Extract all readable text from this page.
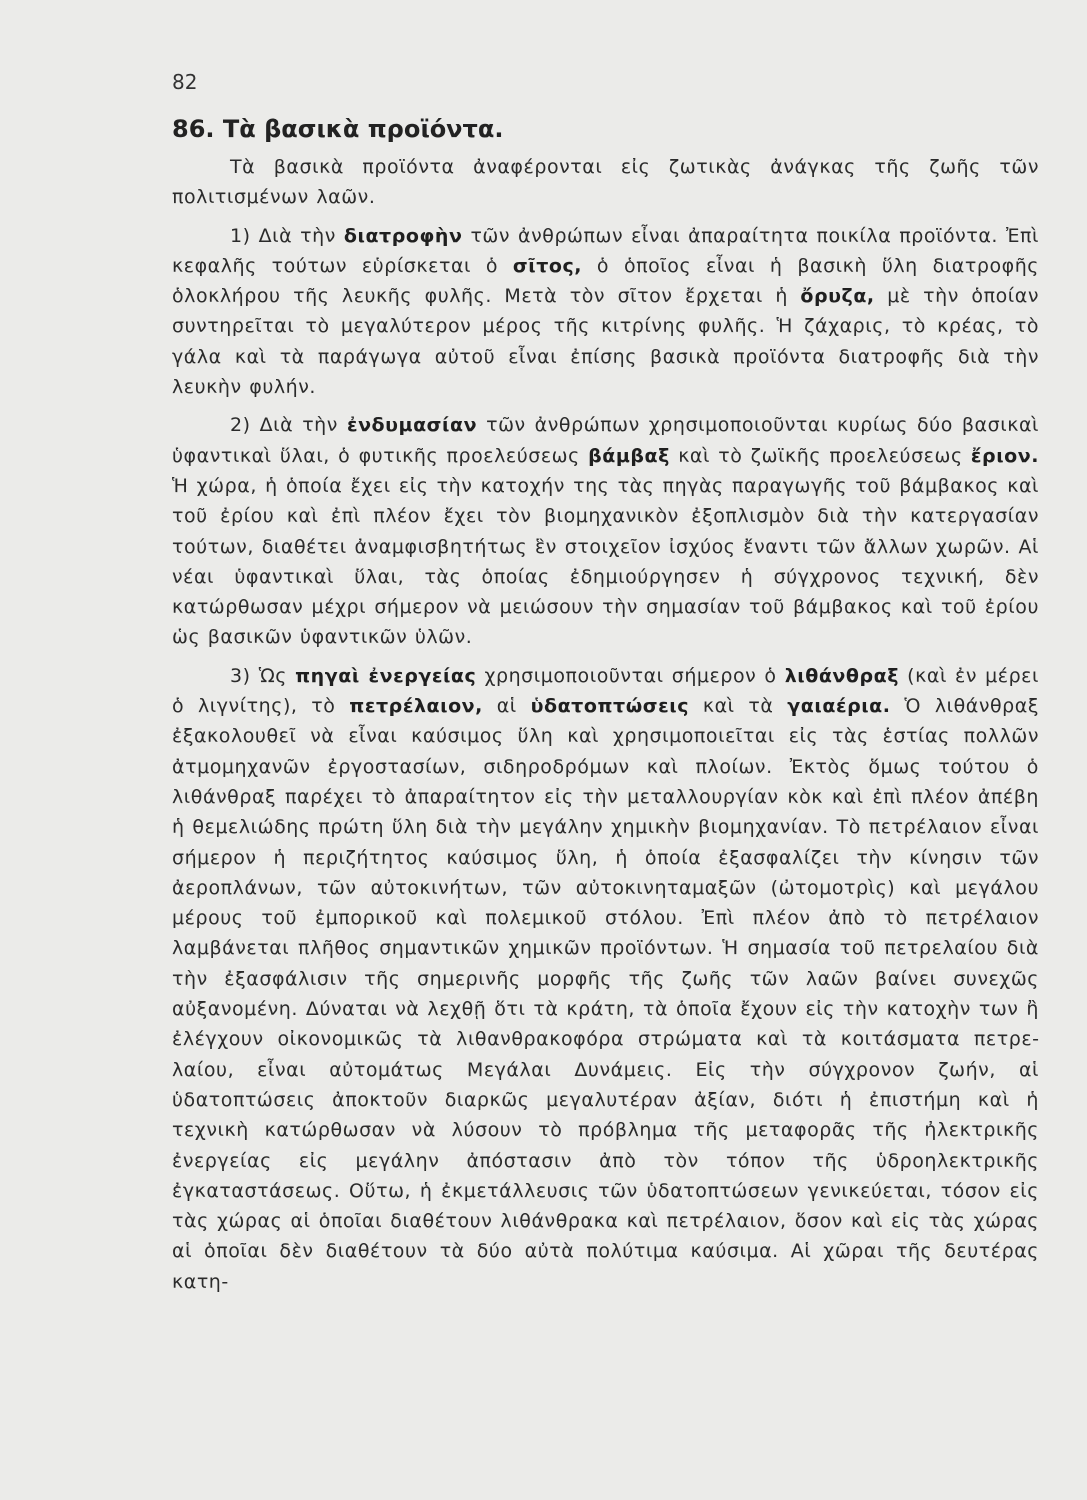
82
86. Τὰ βασικὰ προϊόντα.

Τὰ βασικὰ προϊόντα ἀναφέρονται εἰς ζωτικὰς ἀνάγκας τῆς ζωῆς τῶν πολιτισμένων λαῶν.

1) Διὰ τὴν διατροφὴν τῶν ἀνθρώπων εἶναι ἀπαραίτητα ποικίλα προϊόντα. Ἐπὶ κεφαλῆς τούτων εὑρίσκεται ὁ σῖτος, ὁ ὁποῖος εἶναι ἡ βασικὴ ὕλη διατροφῆς ὁλοκλήρου τῆς λευκῆς φυλῆς. Μετὰ τὸν σῖτον ἔρχεται ἡ ὄρυζα, μὲ τὴν ὁποίαν συντηρεῖται τὸ μεγαλύτερον μέρος τῆς κιτρίνης φυλῆς. Ἡ ζάχαρις, τὸ κρέας, τὸ γάλα καὶ τὰ παράγωγα αὐτοῦ εἶναι ἐπίσης βασικὰ προϊόντα διατροφῆς διὰ τὴν λευκὴν φυλήν.

2) Διὰ τὴν ἐνδυμασίαν τῶν ἀνθρώπων χρησιμοποιοῦνται κυρίως δύο βασικαὶ ὑφαντικαὶ ὕλαι, ὁ φυτικῆς προελεύσεως βάμβαξ καὶ τὸ ζωϊκῆς προελεύσεως ἔριον. Ἡ χώρα, ἡ ὁποία ἔχει εἰς τὴν κατοχήν της τὰς πηγὰς παραγωγῆς τοῦ βάμβακος καὶ τοῦ ἐρίου καὶ ἐπὶ πλέον ἔχει τὸν βιομηχανικὸν ἐξοπλισμὸν διὰ τὴν κατεργασίαν τούτων, διαθέτει ἀναμφισβητήτως ἓν στοιχεῖον ἰσχύος ἔναντι τῶν ἄλλων χωρῶν. Αἱ νέαι ὑφαντικαὶ ὕλαι, τὰς ὁποίας ἐδημιούργησεν ἡ σύγχρονος τεχνική, δὲν κατώρθωσαν μέχρι σήμερον νὰ μειώσουν τὴν σημασίαν τοῦ βάμβακος καὶ τοῦ ἐρίου ὡς βασικῶν ὑφαντικῶν ὑλῶν.

3) Ὡς πηγαὶ ἐνεργείας χρησιμοποιοῦνται σήμερον ὁ λιθάνθραξ (καὶ ἐν μέρει ὁ λιγνίτης), τὸ πετρέλαιον, αἱ ὑδατοπτώσεις καὶ τὰ γαιαέρια. Ὁ λιθάνθραξ ἐξακολουθεῖ νὰ εἶναι καύσιμος ὕλη καὶ χρησιμοποιεῖται εἰς τὰς ἑστίας πολλῶν ἀτμομηχανῶν ἐργοστασίων, σιδηροδρόμων καὶ πλοίων. Ἐκτὸς ὅμως τούτου ὁ λιθάνθραξ παρέχει τὸ ἀπαραίτητον εἰς τὴν μεταλλουργίαν κὸκ καὶ ἐπὶ πλέον ἀπέβη ἡ θεμελιώδης πρώτη ὕλη διὰ τὴν μεγάλην χημικὴν βιομηχανίαν. Τὸ πετρέλαιον εἶναι σήμερον ἡ περιζήτητος καύσιμος ὕλη, ἡ ὁποία ἐξασφαλίζει τὴν κίνησιν τῶν ἀεροπλάνων, τῶν αὐτοκινήτων, τῶν αὐτοκινηταμαξῶν (ὠτομοτρὶς) καὶ μεγάλου μέρους τοῦ ἐμπορικοῦ καὶ πολεμικοῦ στόλου. Ἐπὶ πλέον ἀπὸ τὸ πετρέλαιον λαμβάνεται πλῆθος σημαντικῶν χημικῶν προϊόντων. Ἡ σημασία τοῦ πετρελαίου διὰ τὴν ἐξασφάλισιν τῆς σημερινῆς μορφῆς τῆς ζωῆς τῶν λαῶν βαίνει συνεχῶς αὐξανομένη. Δύναται νὰ λεχθῇ ὅτι τὰ κράτη, τὰ ὁποῖα ἔχουν εἰς τὴν κατοχὴν των ἢ ἐλέγχουν οἰκονομικῶς τὰ λιθανθρακοφόρα στρώματα καὶ τὰ κοιτάσματα πετρελαίου, εἶναι αὐτομάτως Μεγάλαι Δυνάμεις. Εἰς τὴν σύγχρονον ζωήν, αἱ ὑδατοπτώσεις ἀποκτοῦν διαρκῶς μεγαλυτέραν ἀξίαν, διότι ἡ ἐπιστήμη καὶ ἡ τεχνικὴ κατώρθωσαν νὰ λύσουν τὸ πρόβλημα τῆς μεταφορᾶς τῆς ἠλεκτρικῆς ἐνεργείας εἰς μεγάλην ἀπόστασιν ἀπὸ τὸν τόπον τῆς ὑδροηλεκτρικῆς ἐγκαταστάσεως. Οὕτω, ἡ ἐκμετάλλευσις τῶν ὑδατοπτώσεων γενικεύεται, τόσον εἰς τὰς χώρας αἱ ὁποῖαι διαθέτουν λιθάνθρακα καὶ πετρέλαιον, ὅσον καὶ εἰς τὰς χώρας αἱ ὁποῖαι δὲν διαθέτουν τὰ δύο αὐτὰ πολύτιμα καύσιμα. Αἱ χῶραι τῆς δευτέρας κατη-
